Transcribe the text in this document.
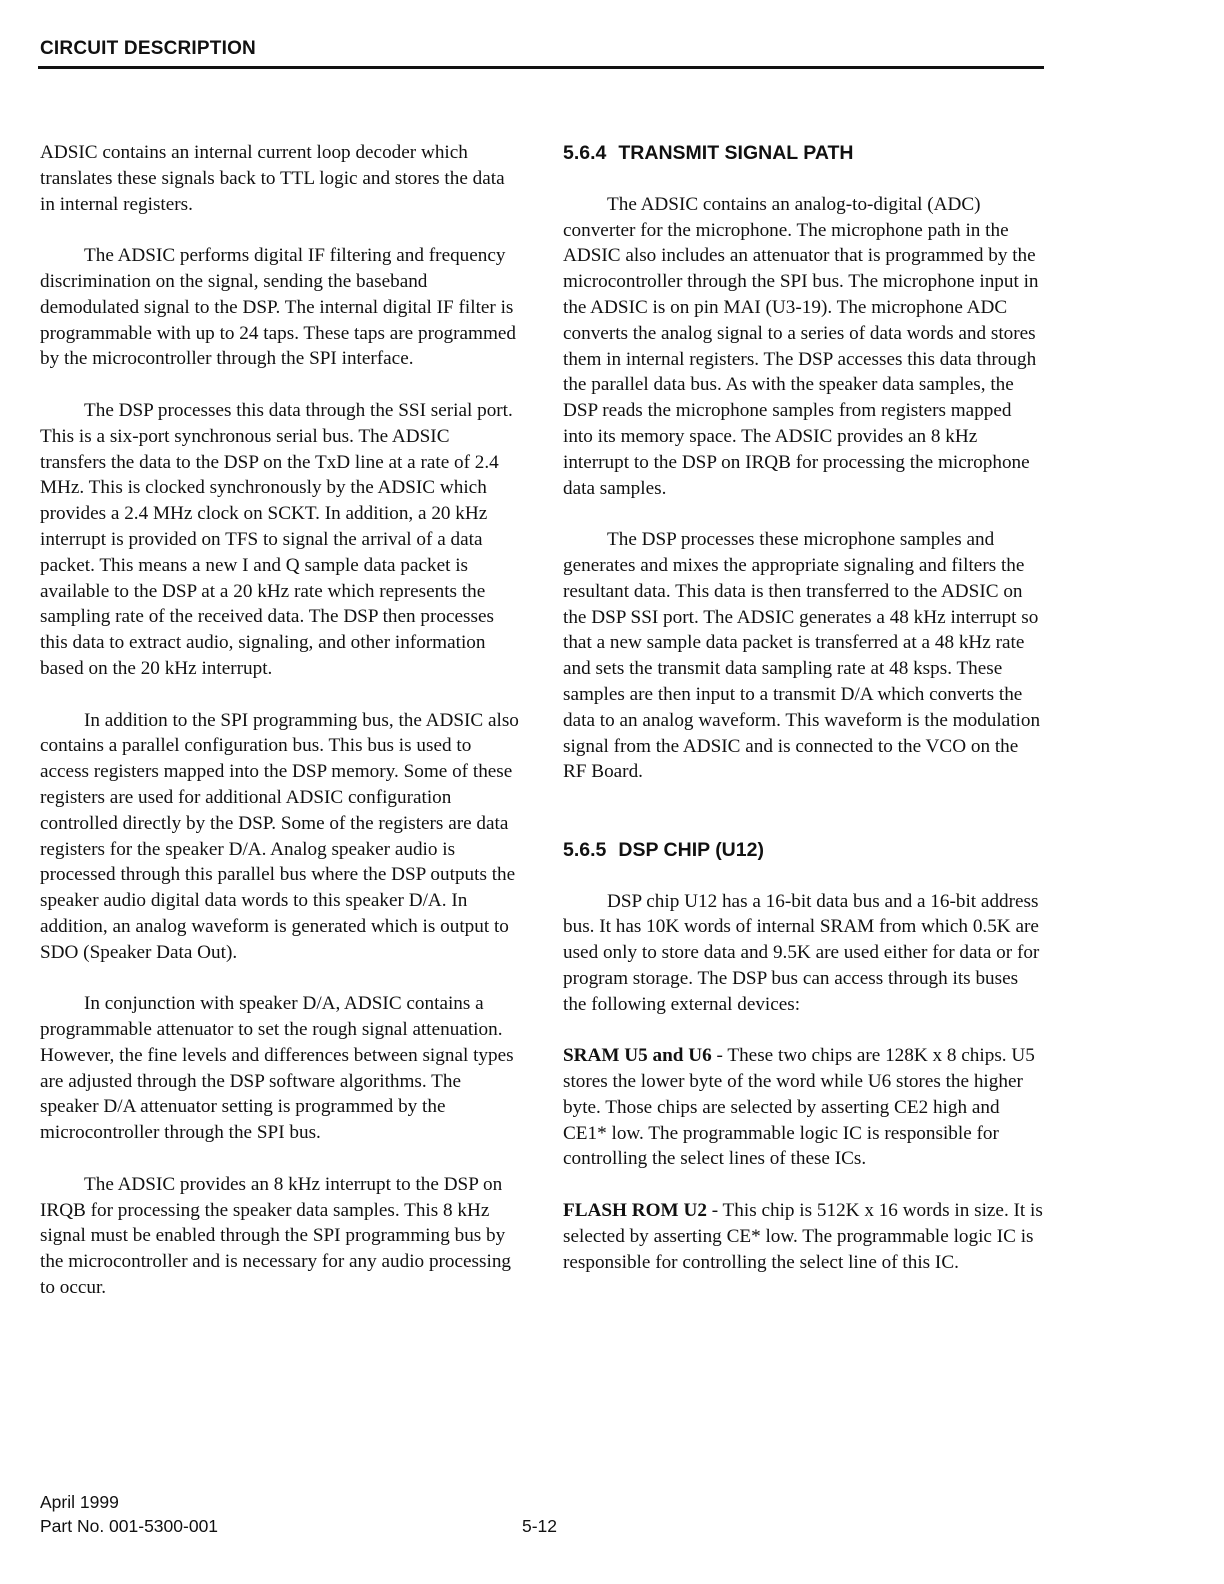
CIRCUIT DESCRIPTION

ADSIC contains an internal current loop decoder which translates these signals back to TTL logic and stores the data in internal registers.

The ADSIC performs digital IF filtering and frequency discrimination on the signal, sending the baseband demodulated signal to the DSP. The internal digital IF filter is programmable with up to 24 taps. These taps are programmed by the microcontroller through the SPI interface.

The DSP processes this data through the SSI serial port. This is a six-port synchronous serial bus. The ADSIC transfers the data to the DSP on the TxD line at a rate of 2.4 MHz. This is clocked synchronously by the ADSIC which provides a 2.4 MHz clock on SCKT. In addition, a 20 kHz interrupt is provided on TFS to signal the arrival of a data packet. This means a new I and Q sample data packet is available to the DSP at a 20 kHz rate which represents the sampling rate of the received data. The DSP then processes this data to extract audio, signaling, and other information based on the 20 kHz interrupt.

In addition to the SPI programming bus, the ADSIC also contains a parallel configuration bus. This bus is used to access registers mapped into the DSP memory. Some of these registers are used for additional ADSIC configuration controlled directly by the DSP. Some of the registers are data registers for the speaker D/A. Analog speaker audio is processed through this parallel bus where the DSP outputs the speaker audio digital data words to this speaker D/A. In addition, an analog waveform is generated which is output to SDO (Speaker Data Out).

In conjunction with speaker D/A, ADSIC contains a programmable attenuator to set the rough signal attenuation. However, the fine levels and differences between signal types are adjusted through the DSP software algorithms. The speaker D/A attenuator setting is programmed by the microcontroller through the SPI bus.

The ADSIC provides an 8 kHz interrupt to the DSP on IRQB for processing the speaker data samples. This 8 kHz signal must be enabled through the SPI programming bus by the microcontroller and is necessary for any audio processing to occur.

5.6.4 TRANSMIT SIGNAL PATH

The ADSIC contains an analog-to-digital (ADC) converter for the microphone. The microphone path in the ADSIC also includes an attenuator that is programmed by the microcontroller through the SPI bus. The microphone input in the ADSIC is on pin MAI (U3-19). The microphone ADC converts the analog signal to a series of data words and stores them in internal registers. The DSP accesses this data through the parallel data bus. As with the speaker data samples, the DSP reads the microphone samples from registers mapped into its memory space. The ADSIC provides an 8 kHz interrupt to the DSP on IRQB for processing the microphone data samples.

The DSP processes these microphone samples and generates and mixes the appropriate signaling and filters the resultant data. This data is then transferred to the ADSIC on the DSP SSI port. The ADSIC generates a 48 kHz interrupt so that a new sample data packet is transferred at a 48 kHz rate and sets the transmit data sampling rate at 48 ksps. These samples are then input to a transmit D/A which converts the data to an analog waveform. This waveform is the modulation signal from the ADSIC and is connected to the VCO on the RF Board.

5.6.5 DSP CHIP (U12)

DSP chip U12 has a 16-bit data bus and a 16-bit address bus. It has 10K words of internal SRAM from which 0.5K are used only to store data and 9.5K are used either for data or for program storage. The DSP bus can access through its buses the following external devices:

SRAM U5 and U6 - These two chips are 128K x 8 chips. U5 stores the lower byte of the word while U6 stores the higher byte. Those chips are selected by asserting CE2 high and CE1* low. The programmable logic IC is responsible for controlling the select lines of these ICs.

FLASH ROM U2 - This chip is 512K x 16 words in size. It is selected by asserting CE* low. The programmable logic IC is responsible for controlling the select line of this IC.

April 1999
Part No. 001-5300-001	5-12
